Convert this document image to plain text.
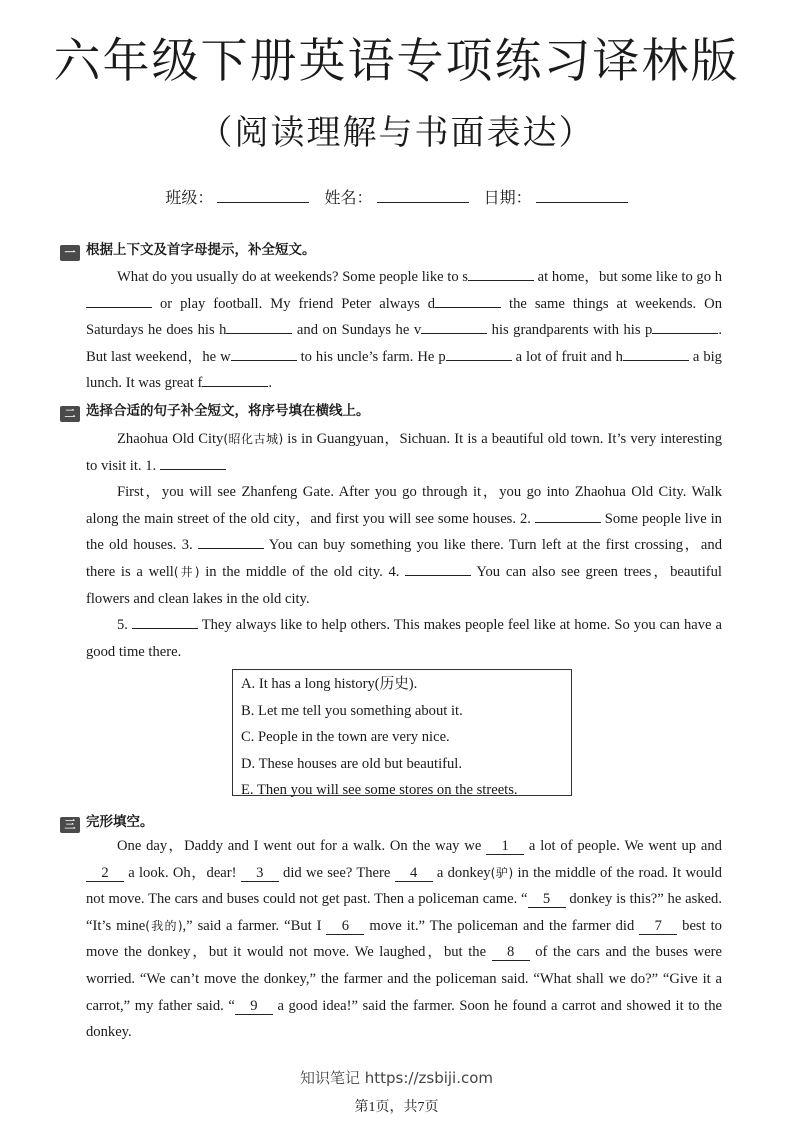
六年级下册英语专项练习译林版
（阅读理解与书面表达）
班级：	姓名：	日期：
一 根据上下文及首字母提示，补全短文。

What do you usually do at weekends? Some people like to s	at home，but some like to go h or play football. My friend Peter always d	the same things at weekends. On Saturdays he does his h	and on Sundays he v	his grandparents with his p	. But last weekend，he w	to his uncle’s farm. He p	a lot of fruit and h	a big lunch. It was great f	.

二 选择合适的句子补全短文，将序号填在横线上。

Zhaohua Old City(昭化古城) is in Guangyuan，Sichuan. It is a beautiful old town. It’s very interesting to visit it. 1.

First，you will see Zhanfeng Gate. After you go through it，you go into Zhaohua Old City. Walk along the main street of the old city，and first you will see some houses. 2.	Some people live in the old houses. 3.	You can buy something you like there. Turn left at the first crossing，and there is a well(井) in the middle of the old city. 4.	You can also see green trees，beautiful flowers and clean lakes in the old city.

5.	They always like to help others. This makes people feel like at home. So you can have a good time there.

A. It has a long history(历史).
B. Let me tell you something about it.
C. People in the town are very nice.
D. These houses are old but beautiful.
E. Then you will see some stores on the streets.
三 完形填空。

One day，Daddy and I went out for a walk. On the way we 1 a lot of people. We went up and 2 a look. Oh，dear! 3 did we see? There 4 a donkey(驴) in the middle of the road. It would not move. The cars and buses could not get past. Then a policeman came. “ 5 donkey is this?” he asked. “It’s mine(我的),” said a farmer. “But I 6 move it.” The policeman and the farmer did 7 best to move the donkey，but it would not move. We laughed，but the 8 of the cars and the buses were worried. “We can’t move the donkey,” the farmer and the policeman said. “What shall we do?” “Give it a carrot,” my father said. “ 9 a good idea!” said the farmer. Soon he found a carrot and showed it to the donkey.

知识笔记 https://zsbiji.com
第1页，共7页
